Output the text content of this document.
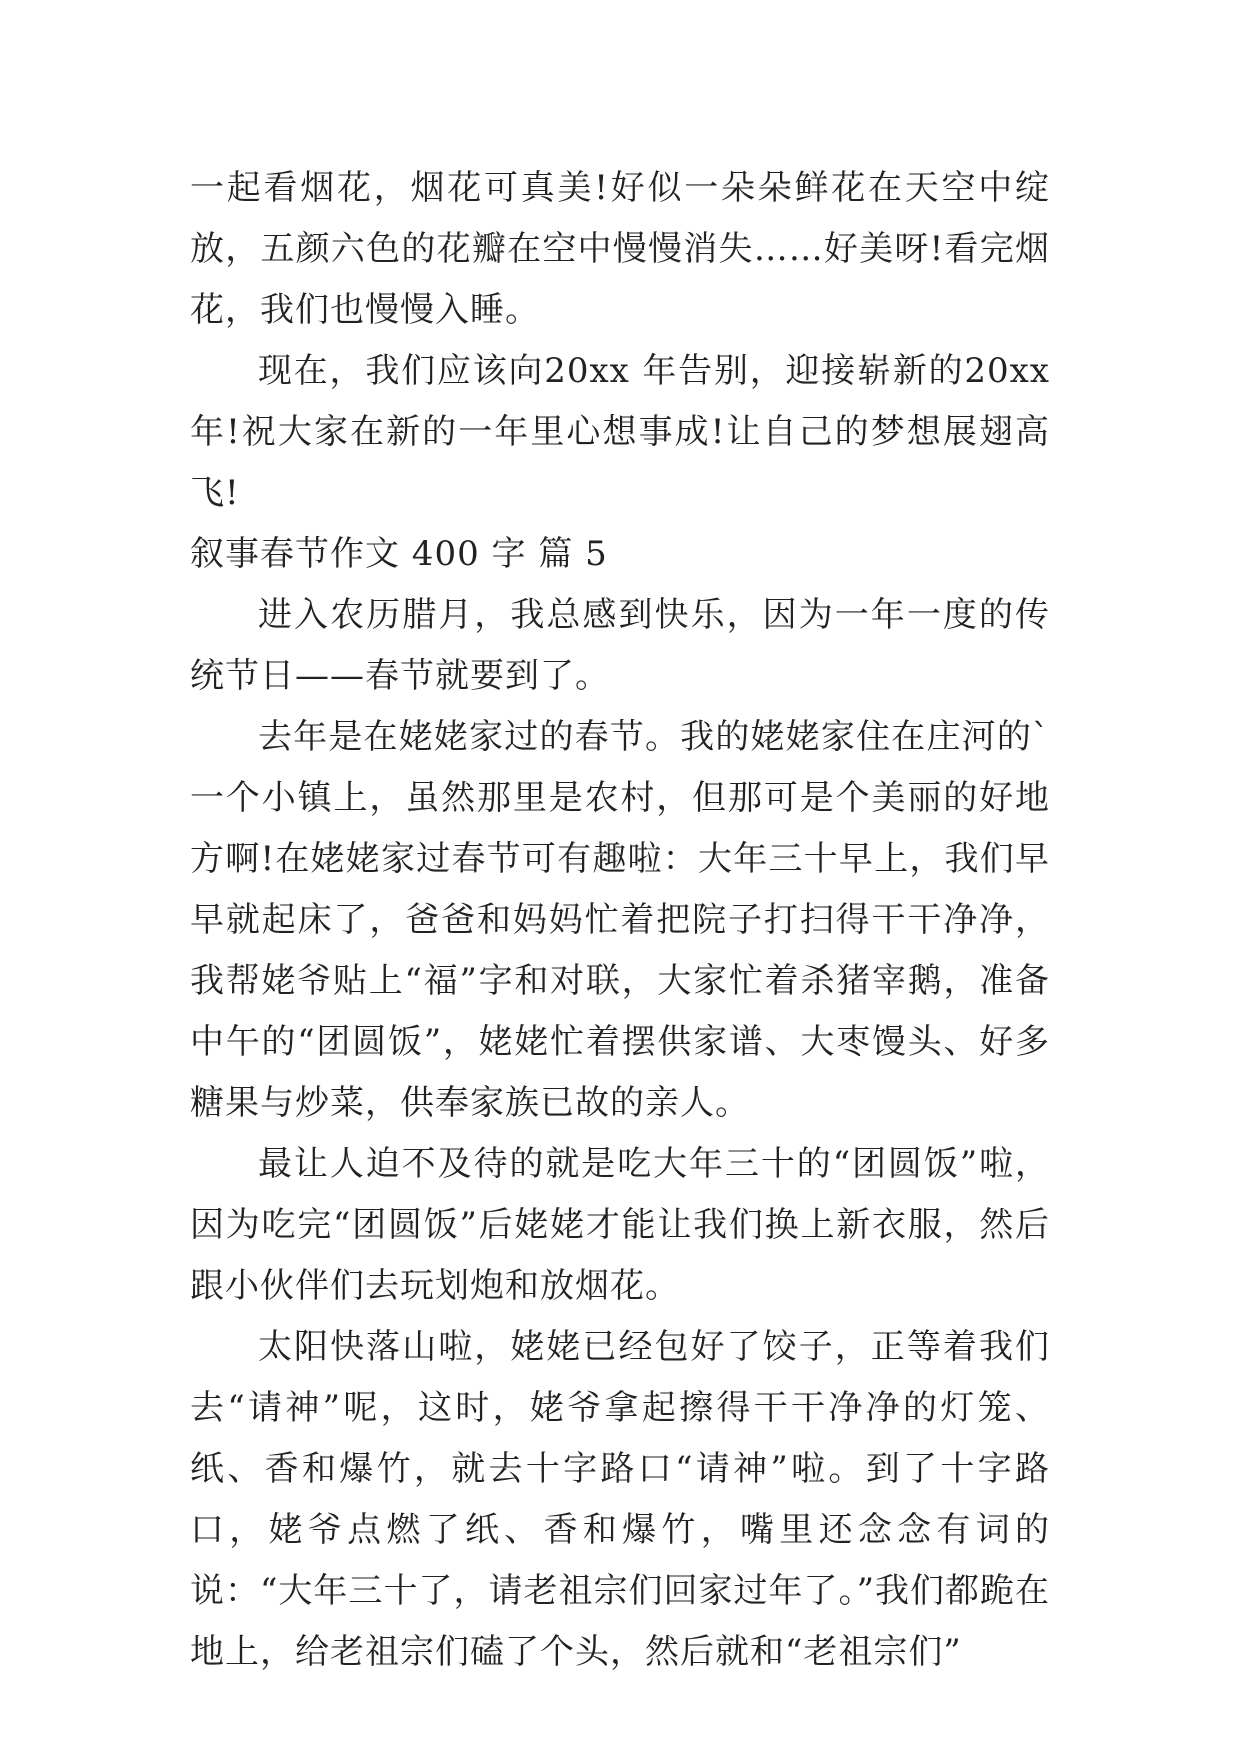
一起看烟花，烟花可真美!好似一朵朵鲜花在天空中绽放，五颜六色的花瓣在空中慢慢消失……好美呀!看完烟花，我们也慢慢入睡。

现在，我们应该向20xx 年告别，迎接崭新的20xx 年!祝大家在新的一年里心想事成!让自己的梦想展翅高飞!

叙事春节作文 400 字 篇 5

进入农历腊月，我总感到快乐，因为一年一度的传统节日——春节就要到了。

去年是在姥姥家过的春节。我的姥姥家住在庄河的`一个小镇上，虽然那里是农村，但那可是个美丽的好地方啊!在姥姥家过春节可有趣啦：大年三十早上，我们早早就起床了，爸爸和妈妈忙着把院子打扫得干干净净，我帮姥爷贴上“福”字和对联，大家忙着杀猪宰鹅，准备中午的“团圆饭”，姥姥忙着摆供家谱、大枣馒头、好多糖果与炒菜，供奉家族已故的亲人。

最让人迫不及待的就是吃大年三十的“团圆饭”啦，因为吃完“团圆饭”后姥姥才能让我们换上新衣服，然后跟小伙伴们去玩划炮和放烟花。

太阳快落山啦，姥姥已经包好了饺子，正等着我们去“请神”呢，这时，姥爷拿起擦得干干净净的灯笼、纸、香和爆竹，就去十字路口“请神”啦。到了十字路口，姥爷点燃了纸、香和爆竹，嘴里还念念有词的说：“大年三十了，请老祖宗们回家过年了。”我们都跪在地上，给老祖宗们磕了个头，然后就和“老祖宗们”
